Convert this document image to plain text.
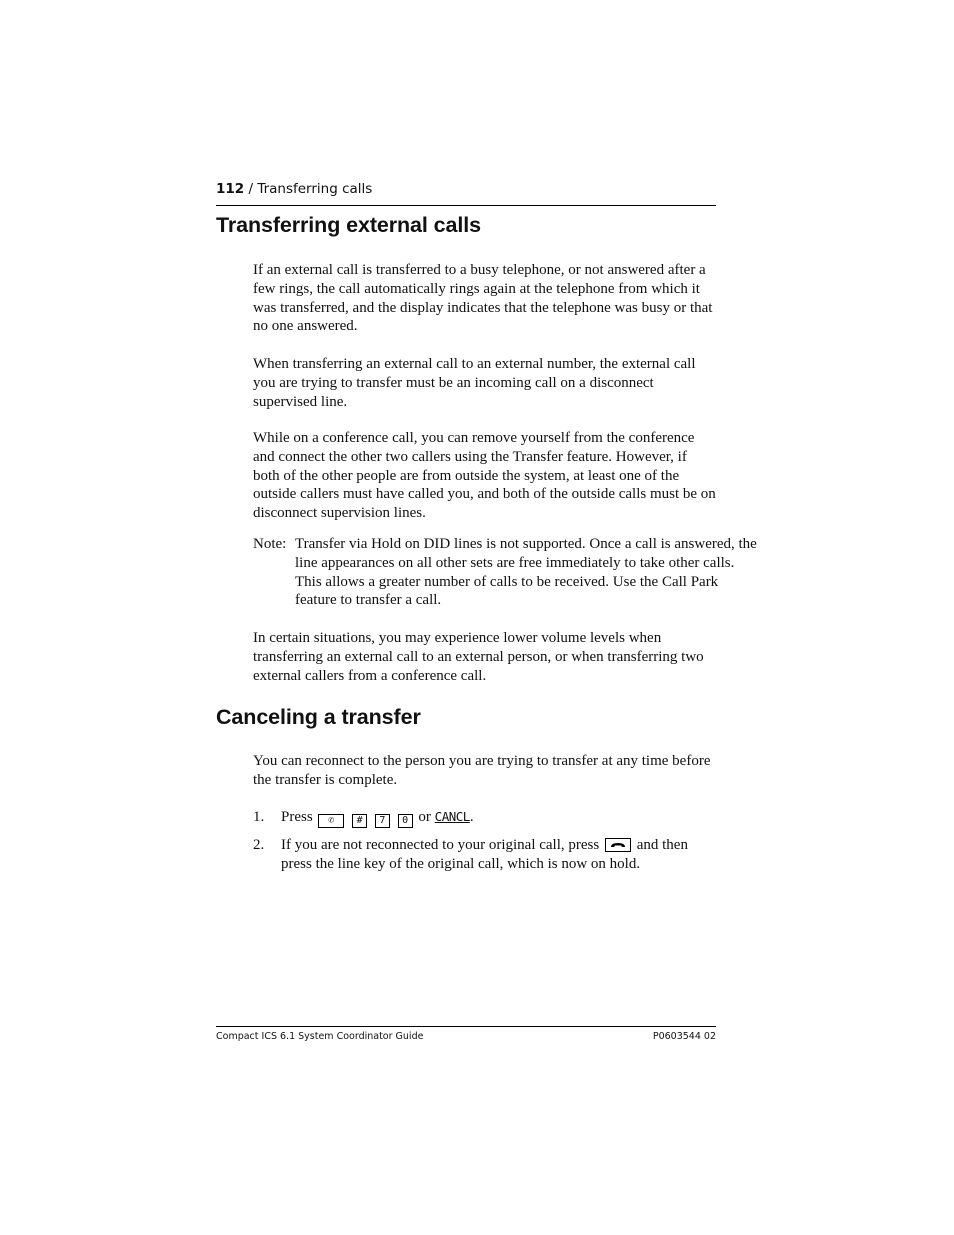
112 / Transferring calls
Transferring external calls

If an external call is transferred to a busy telephone, or not answered after a few rings, the call automatically rings again at the telephone from which it was transferred, and the display indicates that the telephone was busy or that no one answered.

When transferring an external call to an external number, the external call you are trying to transfer must be an incoming call on a disconnect supervised line.

While on a conference call, you can remove yourself from the conference and connect the other two callers using the Transfer feature. However, if both of the other people are from outside the system, at least one of the outside callers must have called you, and both of the outside calls must be on disconnect supervision lines.

Note: Transfer via Hold on DID lines is not supported. Once a call is answered, the line appearances on all other sets are free immediately to take other calls. This allows a greater number of calls to be received. Use the Call Park feature to transfer a call.

In certain situations, you may experience lower volume levels when transferring an external call to an external person, or when transferring two external callers from a conference call.

Canceling a transfer

You can reconnect to the person you are trying to transfer at any time before the transfer is complete.

1. Press ✆ # 7 0 or CANCL.
2. If you are not reconnected to your original call, press	and then press the line key of the original call, which is now on hold.
Compact ICS 6.1 System Coordinator Guide	P0603544 02
